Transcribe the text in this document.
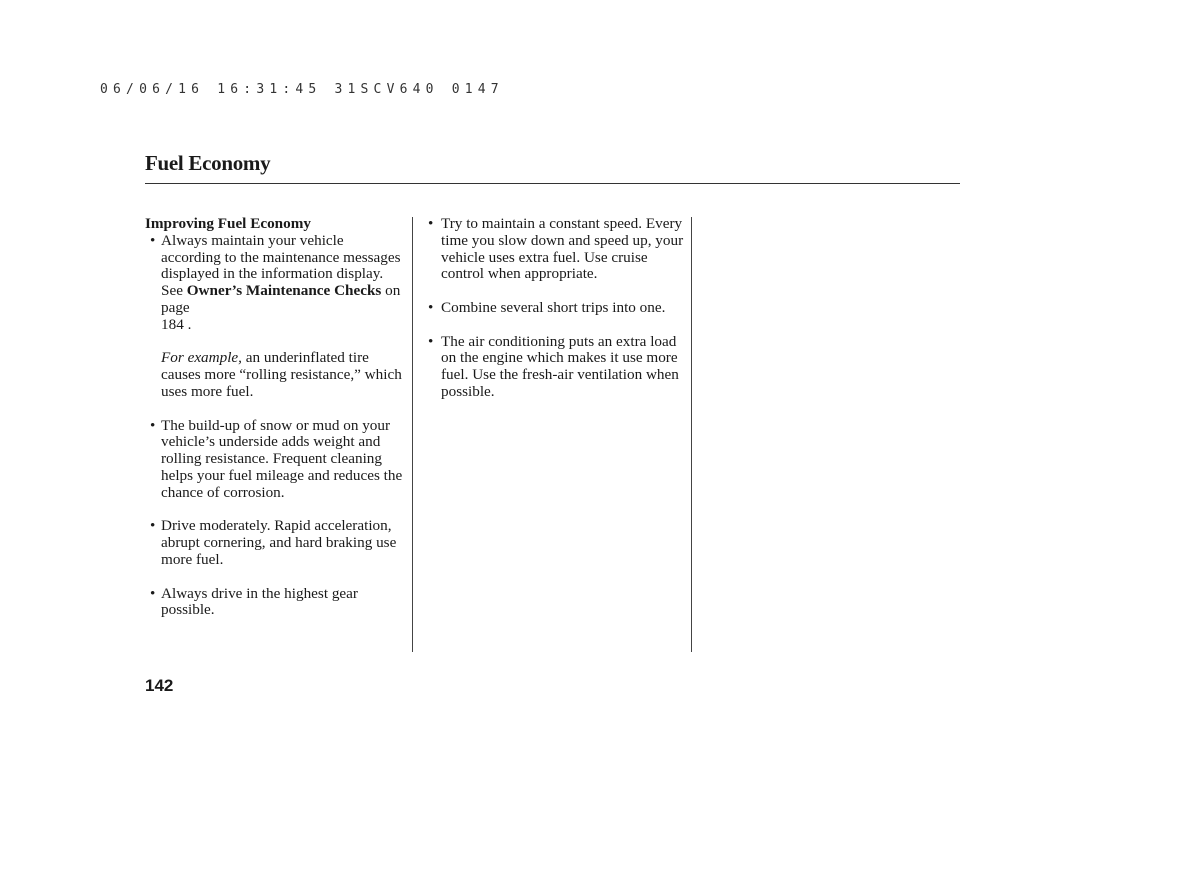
06/06/16 16:31:45 31SCV640 0147
Fuel Economy

Improving Fuel Economy

• Always maintain your vehicle according to the maintenance messages displayed in the information display. See Owner’s Maintenance Checks on page
184 .

For example, an underinflated tire causes more “rolling resistance,” which uses more fuel.

• The build-up of snow or mud on your vehicle’s underside adds weight and rolling resistance. Frequent cleaning helps your fuel mileage and reduces the chance of corrosion.
• Drive moderately. Rapid acceleration, abrupt cornering, and hard braking use more fuel.
• Always drive in the highest gear possible.
• Try to maintain a constant speed. Every time you slow down and speed up, your vehicle uses extra fuel. Use cruise control when appropriate.
• Combine several short trips into one.
• The air conditioning puts an extra load on the engine which makes it use more fuel. Use the fresh-air ventilation when possible.
142
